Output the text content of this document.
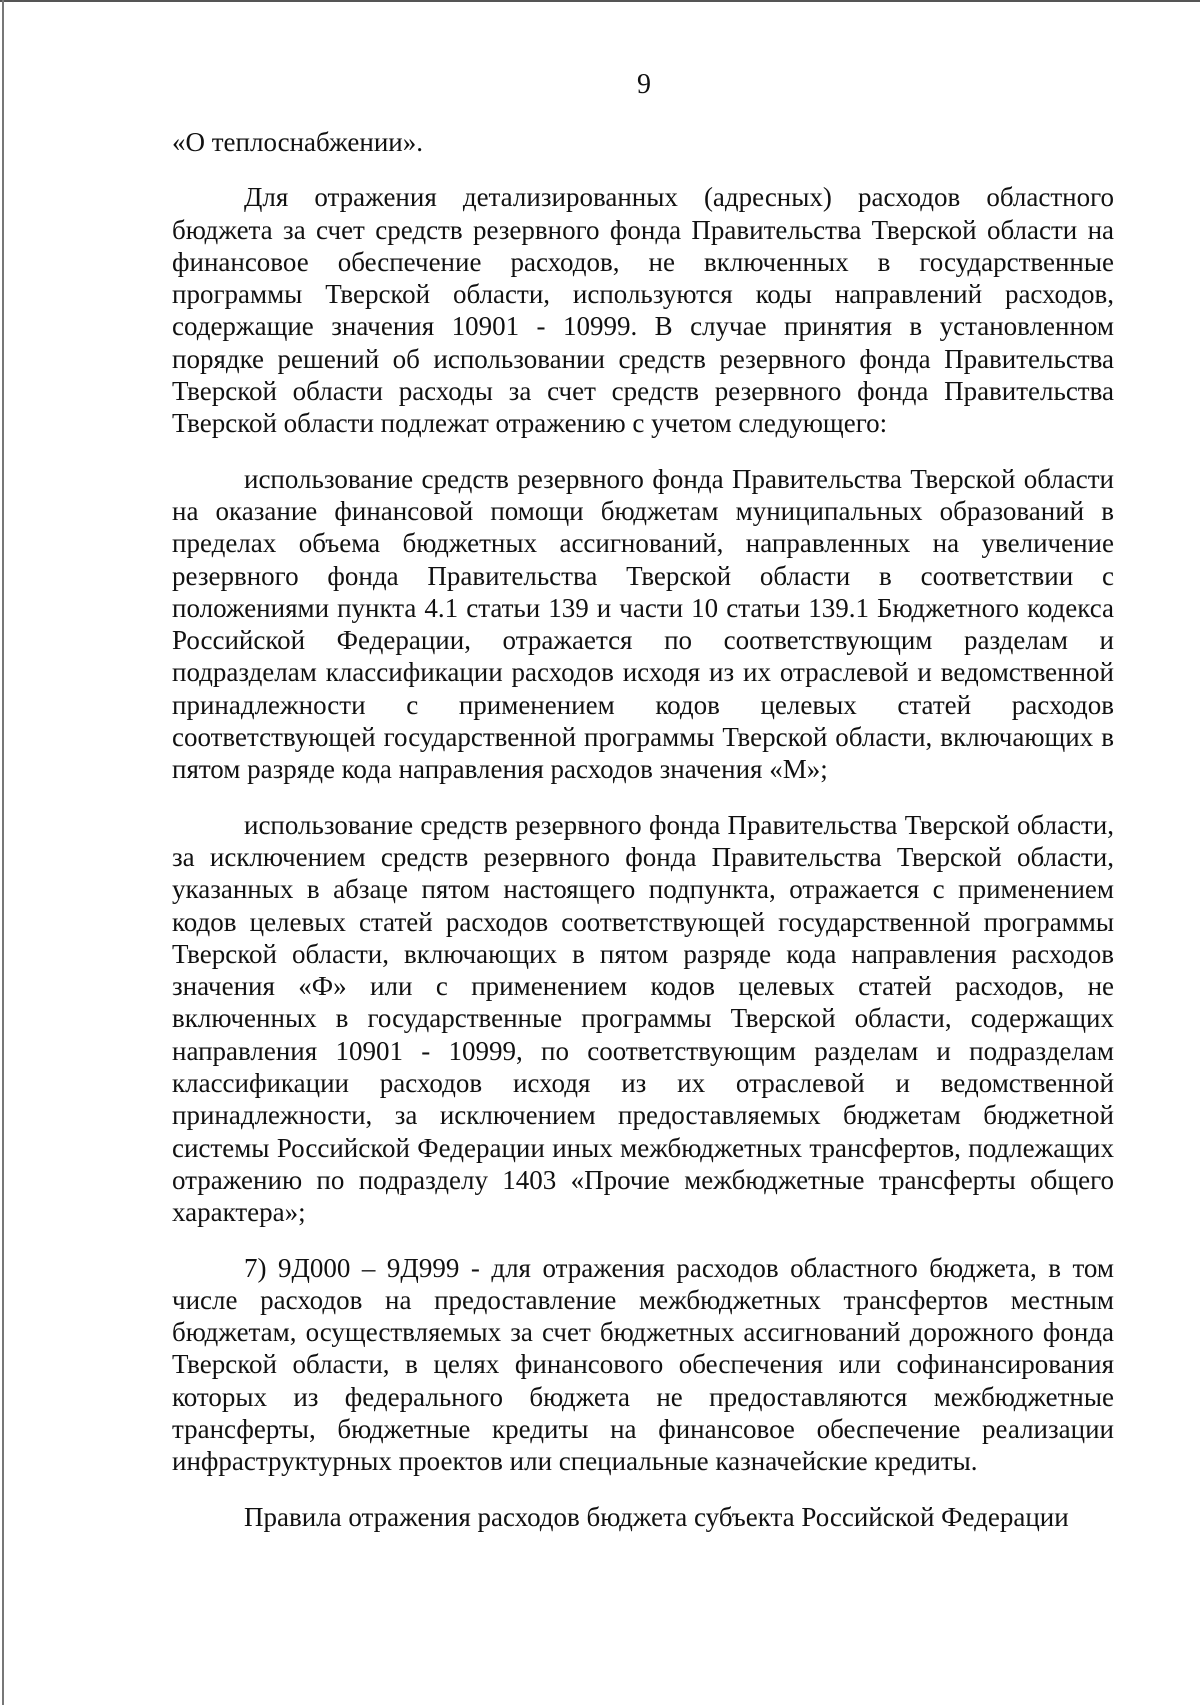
9

«О теплоснабжении».

Для отражения детализированных (адресных) расходов областного бюджета за счет средств резервного фонда Правительства Тверской области на финансовое обеспечение расходов, не включенных в государственные программы Тверской области, используются коды направлений расходов, содержащие значения 10901 - 10999. В случае принятия в установленном порядке решений об использовании средств резервного фонда Правительства Тверской области расходы за счет средств резервного фонда Правительства Тверской области подлежат отражению с учетом следующего:

использование средств резервного фонда Правительства Тверской области на оказание финансовой помощи бюджетам муниципальных образований в пределах объема бюджетных ассигнований, направленных на увеличение резервного фонда Правительства Тверской области в соответствии с положениями пункта 4.1 статьи 139 и части 10 статьи 139.1 Бюджетного кодекса Российской Федерации, отражается по соответствующим разделам и подразделам классификации расходов исходя из их отраслевой и ведомственной принадлежности с применением кодов целевых статей расходов соответствующей государственной программы Тверской области, включающих в пятом разряде кода направления расходов значения «М»;

использование средств резервного фонда Правительства Тверской области, за исключением средств резервного фонда Правительства Тверской области, указанных в абзаце пятом настоящего подпункта, отражается с применением кодов целевых статей расходов соответствующей государственной программы Тверской области, включающих в пятом разряде кода направления расходов значения «Ф» или с применением кодов целевых статей расходов, не включенных в государственные программы Тверской области, содержащих направления 10901 - 10999, по соответствующим разделам и подразделам классификации расходов исходя из их отраслевой и ведомственной принадлежности, за исключением предоставляемых бюджетам бюджетной системы Российской Федерации иных межбюджетных трансфертов, подлежащих отражению по подразделу 1403 «Прочие межбюджетные трансферты общего характера»;

7) 9Д000 – 9Д999 - для отражения расходов областного бюджета, в том числе расходов на предоставление межбюджетных трансфертов местным бюджетам, осуществляемых за счет бюджетных ассигнований дорожного фонда Тверской области, в целях финансового обеспечения или софинансирования которых из федерального бюджета не предоставляются межбюджетные трансферты, бюджетные кредиты на финансовое обеспечение реализации инфраструктурных проектов или специальные казначейские кредиты.

Правила отражения расходов бюджета субъекта Российской Федерации
